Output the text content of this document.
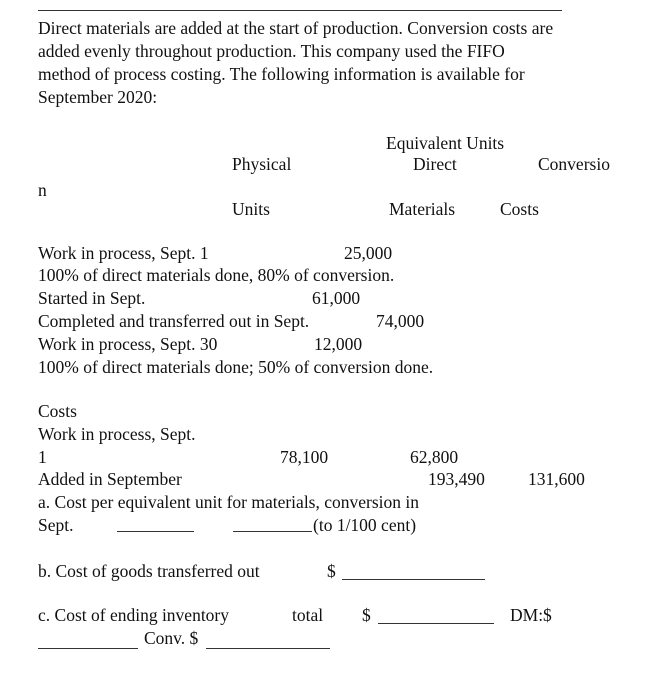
Direct materials are added at the start of production. Conversion costs are
added evenly throughout production. This company used the FIFO
method of process costing. The following information is available for
September 2020:
Equivalent Units
Physical	Direct	Conversio
n
Units	Materials	Costs
Work in process, Sept. 1	25,000
100% of direct materials done, 80% of conversion.
Started in Sept.	61,000
Completed and transferred out in Sept.	74,000
Work in process, Sept. 30	12,000
100% of direct materials done; 50% of conversion done.
Costs
Work in process, Sept.
1	78,100	62,800
Added in September	193,490 131,600
a. Cost per equivalent unit for materials, conversion in
Sept.	(to 1/100 cent)
b. Cost of goods transferred out	$
c. Cost of ending inventory	total $	DM:$
Conv. $
